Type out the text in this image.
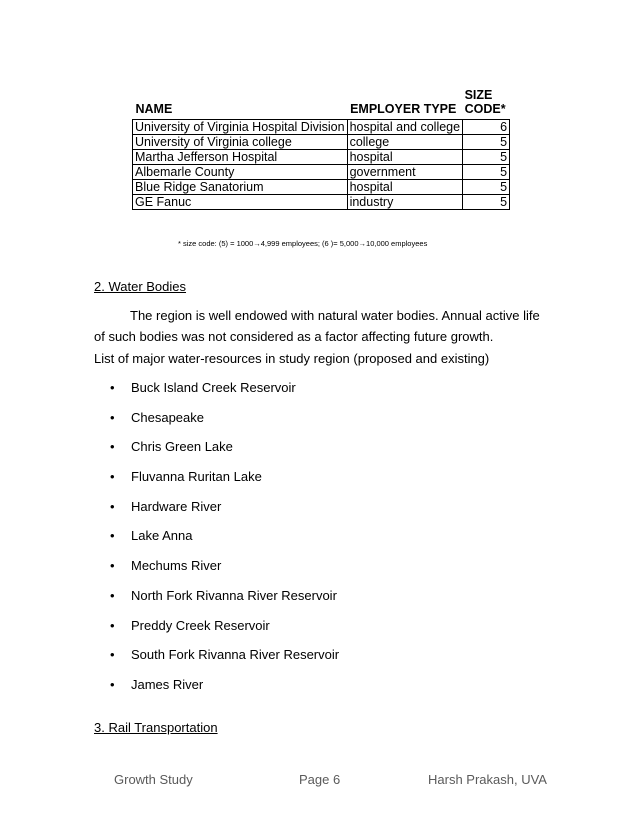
NAME	EMPLOYER TYPE	SIZE
CODE*
University of Virginia Hospital Division	hospital and college	6
University of Virginia college	college	5
Martha Jefferson Hospital	hospital	5
Albemarle County	government	5
Blue Ridge Sanatorium	hospital	5
GE Fanuc	industry	5
* size code: (5) = 1000→4,999 employees; (6 )= 5,000→10,000 employees
2. Water Bodies

The region is well endowed with natural water bodies. Annual active life of such bodies was not considered as a factor affecting future growth.

List of major water-resources in study region (proposed and existing)

•	Buck Island Creek Reservoir
•	Chesapeake
•	Chris Green Lake
•	Fluvanna Ruritan Lake
•	Hardware River
•	Lake Anna
•	Mechums River
•	North Fork Rivanna River Reservoir
•	Preddy Creek Reservoir
•	South Fork Rivanna River Reservoir
•	James River
3. Rail Transportation
Growth Study	Page 6	Harsh Prakash, UVA
